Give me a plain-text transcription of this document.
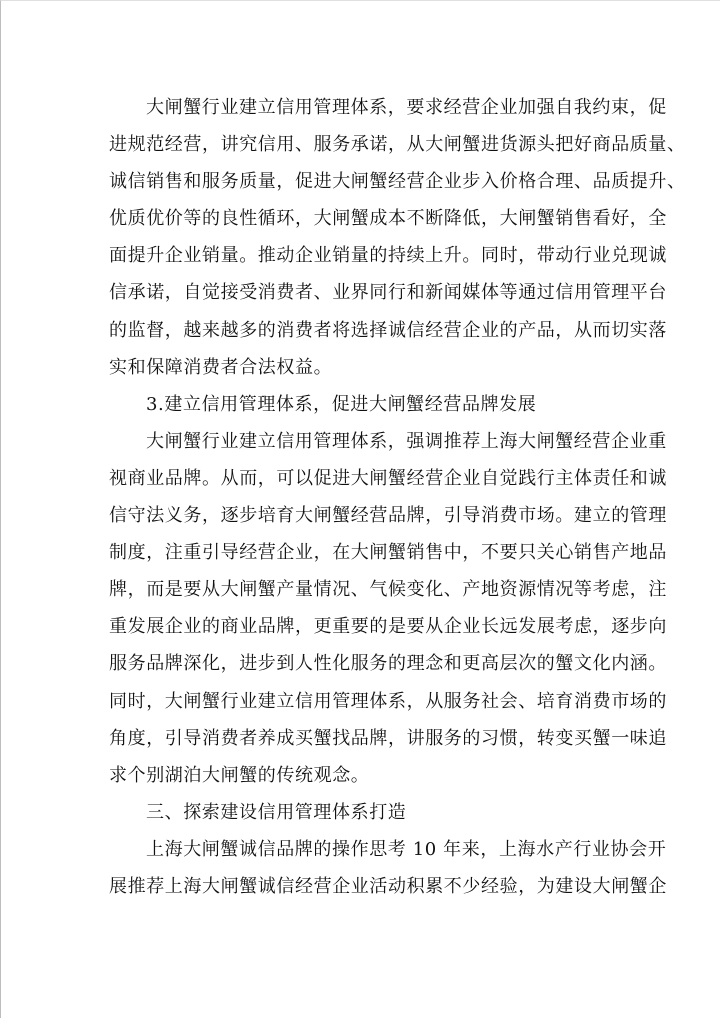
大闸蟹行业建立信用管理体系，要求经营企业加强自我约束，促
进规范经营，讲究信用、服务承诺，从大闸蟹进货源头把好商品质量、
诚信销售和服务质量，促进大闸蟹经营企业步入价格合理、品质提升、
优质优价等的良性循环，大闸蟹成本不断降低，大闸蟹销售看好，全
面提升企业销量。推动企业销量的持续上升。同时，带动行业兑现诚
信承诺，自觉接受消费者、业界同行和新闻媒体等通过信用管理平台
的监督，越来越多的消费者将选择诚信经营企业的产品，从而切实落
实和保障消费者合法权益。
3.建立信用管理体系，促进大闸蟹经营品牌发展
大闸蟹行业建立信用管理体系，强调推荐上海大闸蟹经营企业重
视商业品牌。从而，可以促进大闸蟹经营企业自觉践行主体责任和诚
信守法义务，逐步培育大闸蟹经营品牌，引导消费市场。建立的管理
制度，注重引导经营企业，在大闸蟹销售中，不要只关心销售产地品
牌，而是要从大闸蟹产量情况、气候变化、产地资源情况等考虑，注
重发展企业的商业品牌，更重要的是要从企业长远发展考虑，逐步向
服务品牌深化，进步到人性化服务的理念和更高层次的蟹文化内涵。
同时，大闸蟹行业建立信用管理体系，从服务社会、培育消费市场的
角度，引导消费者养成买蟹找品牌，讲服务的习惯，转变买蟹一味追
求个别湖泊大闸蟹的传统观念。
三、探索建设信用管理体系打造
上海大闸蟹诚信品牌的操作思考 10 年来，上海水产行业协会开
展推荐上海大闸蟹诚信经营企业活动积累不少经验，为建设大闸蟹企
